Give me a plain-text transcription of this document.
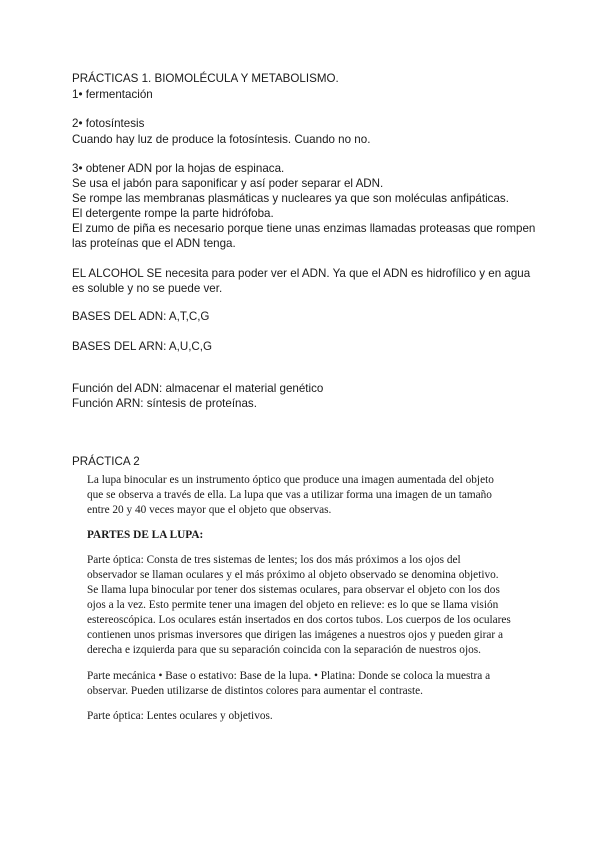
PRÁCTICAS 1. BIOMOLÉCULA Y METABOLISMO.

1• fermentación

2• fotosíntesis

Cuando hay luz de produce la fotosíntesis. Cuando no no.

3• obtener ADN por la hojas de espinaca.

Se usa el jabón para saponificar y así poder separar el ADN.

Se rompe las membranas plasmáticas y nucleares ya que son moléculas anfipáticas.

El detergente rompe la parte hidrófoba.

El zumo de piña es necesario porque tiene unas enzimas llamadas proteasas que rompen

las proteínas que el ADN tenga.

EL ALCOHOL SE necesita para poder ver el ADN. Ya que el ADN es hidrofílico y en agua

es soluble y no se puede ver.

BASES DEL ADN: A,T,C,G

BASES DEL ARN: A,U,C,G

Función del ADN: almacenar el material genético

Función ARN: síntesis de proteínas.

PRÁCTICA 2

La lupa binocular es un instrumento óptico que produce una imagen aumentada del objeto

que se observa a través de ella. La lupa que vas a utilizar forma una imagen de un tamaño

entre 20 y 40 veces mayor que el objeto que observas.

PARTES DE LA LUPA:

Parte óptica: Consta de tres sistemas de lentes; los dos más próximos a los ojos del

observador se llaman oculares y el más próximo al objeto observado se denomina objetivo.

Se llama lupa binocular por tener dos sistemas oculares, para observar el objeto con los dos

ojos a la vez. Esto permite tener una imagen del objeto en relieve: es lo que se llama visión

estereoscópica. Los oculares están insertados en dos cortos tubos. Los cuerpos de los oculares

contienen unos prismas inversores que dirigen las imágenes a nuestros ojos y pueden girar a

derecha e izquierda para que su separación coincida con la separación de nuestros ojos.

Parte mecánica • Base o estativo: Base de la lupa. • Platina: Donde se coloca la muestra a

observar. Pueden utilizarse de distintos colores para aumentar el contraste.

Parte óptica: Lentes oculares y objetivos.
